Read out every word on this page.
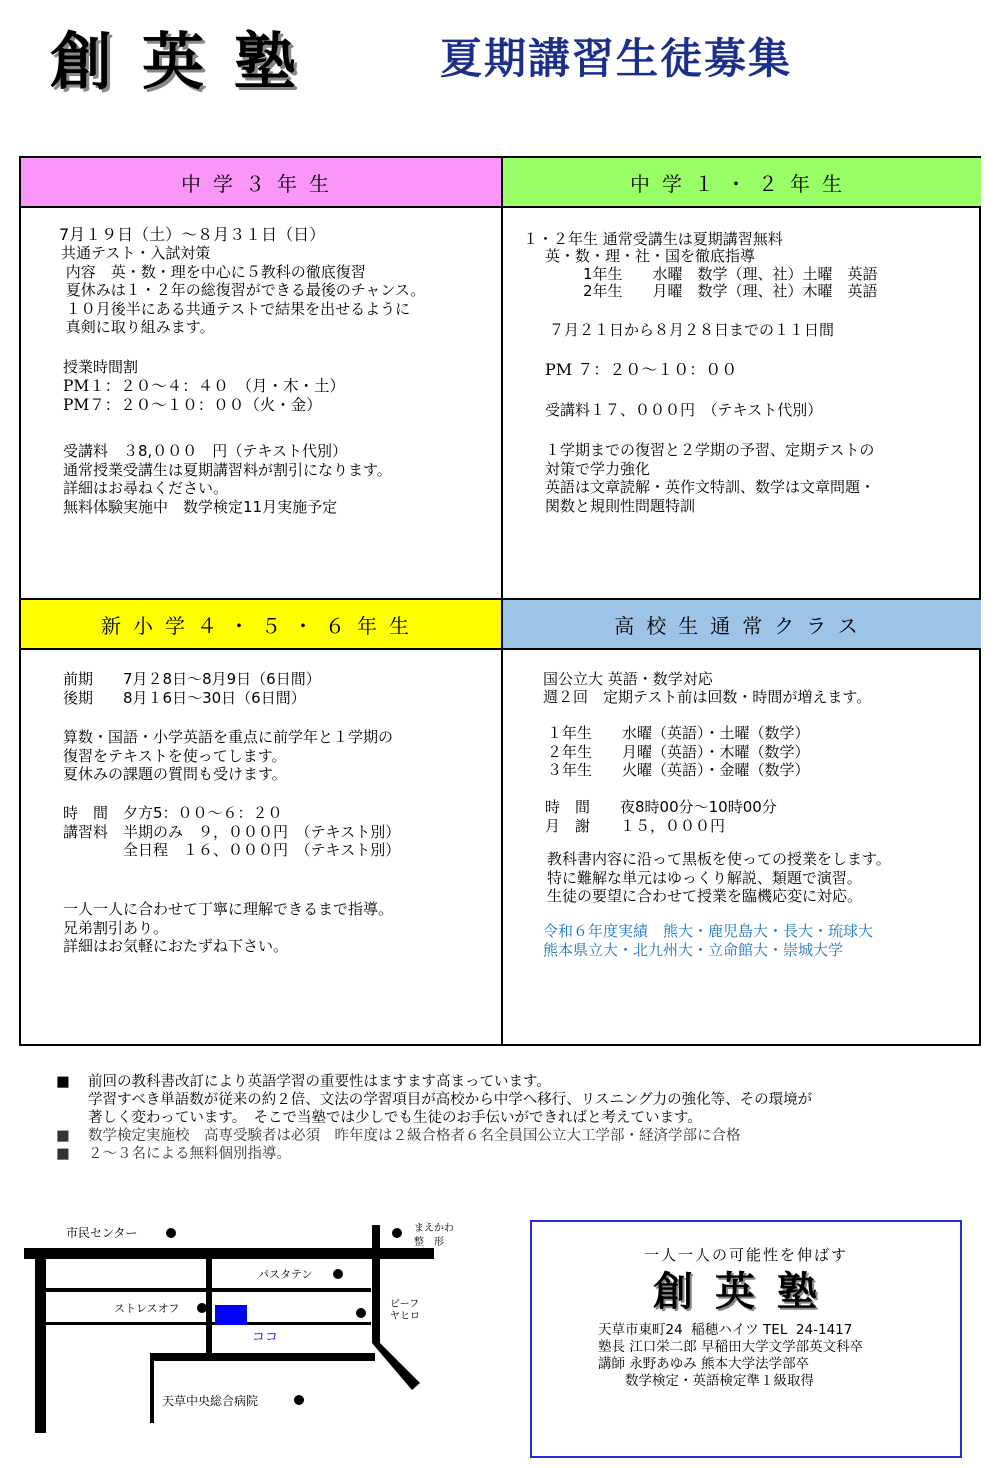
創英塾	夏期講習生徒募集
中学３年生
7月１９日（土）〜８月３１日（日）
共通テスト・入試対策
内容　英・数・理を中心に５教科の徹底復習
夏休みは１・２年の総復習ができる最後のチャンス。
１０月後半にある共通テストで結果を出せるように
真剣に取り組みます。
授業時間割
PM１：２０〜４：４０　（月・木・土）
PM７：２０〜１０：００（火・金）
受講料　３8,０００　円（テキスト代別）
通常授業受講生は夏期講習料が割引になります。
詳細はお尋ねください。
無料体験実施中　数学検定11月実施予定
中学１・２年生
１・２年生 通常受講生は夏期講習無料
英・数・理・社・国を徹底指導
1年生　　水曜　数学（理、社）土曜　英語
2年生　　月曜　数学（理、社）木曜　英語
７月２１日から８月２８日までの１１日間
PM ７：２０〜１０：００
受講料１７、０００円　（テキスト代別）
１学期までの復習と２学期の予習、定期テストの
対策で学力強化
英語は文章読解・英作文特訓、数学は文章問題・
関数と規則性問題特訓
新小学４・５・６年生
前期　　7月２8日〜8月9日（6日間）
後期　　8月１6日〜30日（6日間）
算数・国語・小学英語を重点に前学年と１学期の
復習をテキストを使ってします。
夏休みの課題の質問も受けます。
時　間　夕方5：００〜６：２０
講習料　半期のみ　９，０００円　（テキスト別）
　　　　全日程　１６、０００円　（テキスト別）
一人一人に合わせて丁寧に理解できるまで指導。
兄弟割引あり。
詳細はお気軽におたずね下さい。
高校生通常クラス
国公立大 英語・数学対応
週２回　定期テスト前は回数・時間が増えます。
１年生　　水曜（英語）・土曜（数学）
２年生　　月曜（英語）・木曜（数学）
３年生　　火曜（英語）・金曜（数学）
時　間　　夜8時00分〜10時00分
月　謝　　１５，０００円
教科書内容に沿って黒板を使っての授業をします。
特に難解な単元はゆっくり解説、類題で演習。
生徒の要望に合わせて授業を臨機応変に対応。
令和６年度実績　熊大・鹿児島大・長大・琉球大
熊本県立大・北九州大・立命館大・崇城大学
■	前回の教科書改訂により英語学習の重要性はますます高まっています。
学習すべき単語数が従来の約２倍、文法の学習項目が高校から中学へ移行、リスニング力の強化等、その環境が
著しく変わっています。　そこで当塾では少しでも生徒のお手伝いができればと考えています。
■	数学検定実施校　高専受験者は必須　昨年度は２級合格者６名全員国公立大工学部・経済学部に合格
■	２〜３名による無料個別指導。
市民センター	まえかわ
整　形
パスタテン
ビーフ
ヤヒロ
ストレスオフ
ココ
天草中央総合病院
一人一人の可能性を伸ばす
創英塾
天草市東町24  稲穂ハイツ TEL  24-1417
塾長 江口栄二郎 早稲田大学文学部英文科卒
講師 永野あゆみ 熊本大学法学部卒
　　数学検定・英語検定準１級取得
